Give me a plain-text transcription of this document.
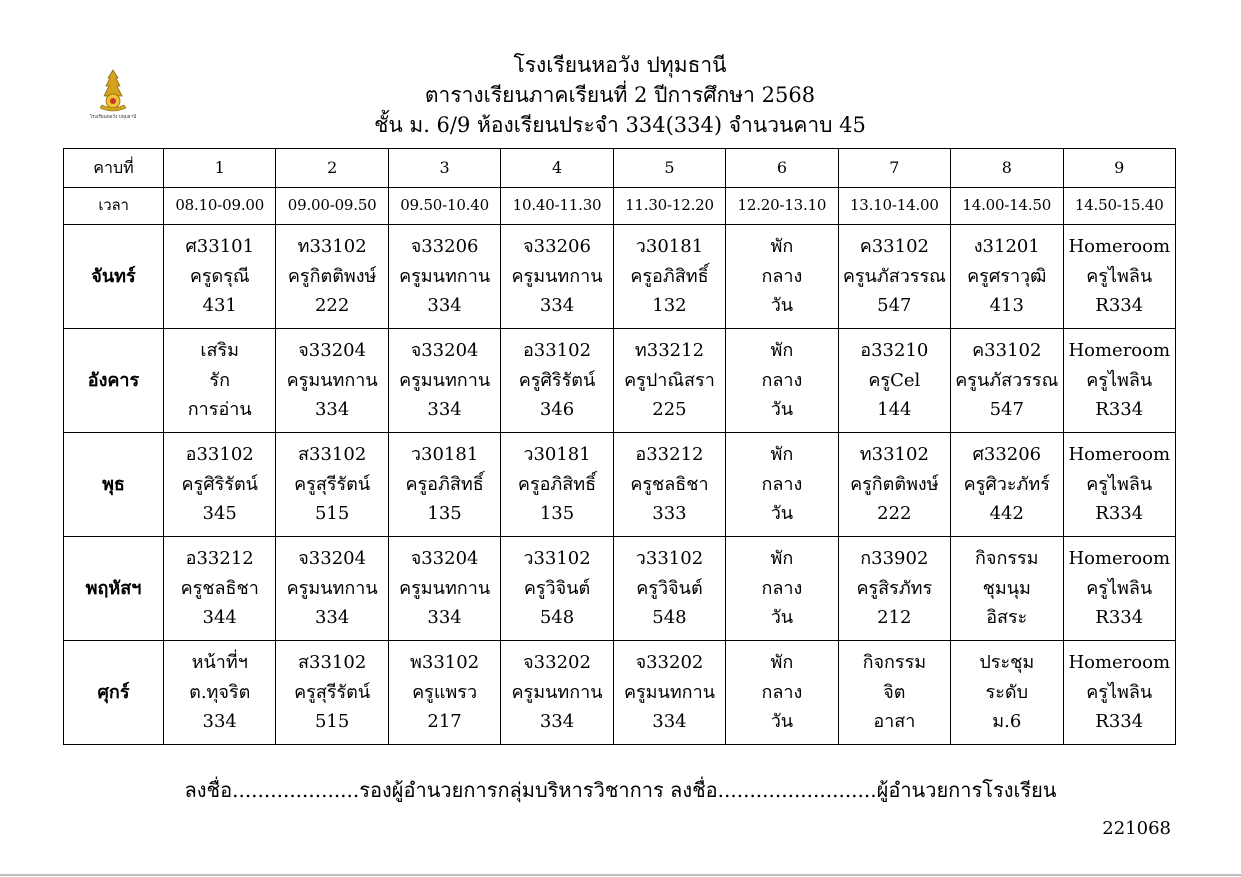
โรงเรียนหอวัง ปทุมธานี
โรงเรียนหอวัง ปทุมธานี
ตารางเรียนภาคเรียนที่ 2 ปีการศึกษา 2568
ชั้น ม. 6/9 ห้องเรียนประจำ 334(334) จำนวนคาบ 45
คาบที่	1	2	3	4	5	6	7	8	9
เวลา	08.10-09.00	09.00-09.50	09.50-10.40	10.40-11.30	11.30-12.20	12.20-13.10	13.10-14.00	14.00-14.50	14.50-15.40
จันทร์	ศ33101
ครูดรุณี
431	ท33102
ครูกิตติพงษ์
222	จ33206
ครูมนทกาน
334	จ33206
ครูมนทกาน
334	ว30181
ครูอภิสิทธิ์
132	พัก
กลาง
วัน	ค33102
ครูนภัสวรรณ
547	ง31201
ครูศราวุฒิ
413	Homeroom
ครูไพลิน
R334

อังคาร	เสริม
รัก
การอ่าน	จ33204
ครูมนทกาน
334	จ33204
ครูมนทกาน
334	อ33102
ครูศิริรัตน์
346	ท33212
ครูปาณิสรา
225	พัก
กลาง
วัน	อ33210
ครูCel
144	ค33102
ครูนภัสวรรณ
547	Homeroom
ครูไพลิน
R334

พุธ	อ33102
ครูศิริรัตน์
345	ส33102
ครูสุรีรัตน์
515	ว30181
ครูอภิสิทธิ์
135	ว30181
ครูอภิสิทธิ์
135	อ33212
ครูชลธิชา
333	พัก
กลาง
วัน	ท33102
ครูกิตติพงษ์
222	ศ33206
ครูศิวะภัทร์
442	Homeroom
ครูไพลิน
R334

พฤหัสฯ	อ33212
ครูชลธิชา
344	จ33204
ครูมนทกาน
334	จ33204
ครูมนทกาน
334	ว33102
ครูวิจินต์
548	ว33102
ครูวิจินต์
548	พัก
กลาง
วัน	ก33902
ครูสิรภัทร
212	กิจกรรม
ชุมนุม
อิสระ	Homeroom
ครูไพลิน
R334

ศุกร์	หน้าที่ฯ
ต.ทุจริต
334	ส33102
ครูสุรีรัตน์
515	พ33102
ครูแพรว
217	จ33202
ครูมนทกาน
334	จ33202
ครูมนทกาน
334	พัก
กลาง
วัน	กิจกรรม
จิต
อาสา	ประชุม
ระดับ
ม.6	Homeroom
ครูไพลิน
R334
ลงชื่อ....................รองผู้อำนวยการกลุ่มบริหารวิชาการ ลงชื่อ.........................ผู้อำนวยการโรงเรียน
221068
